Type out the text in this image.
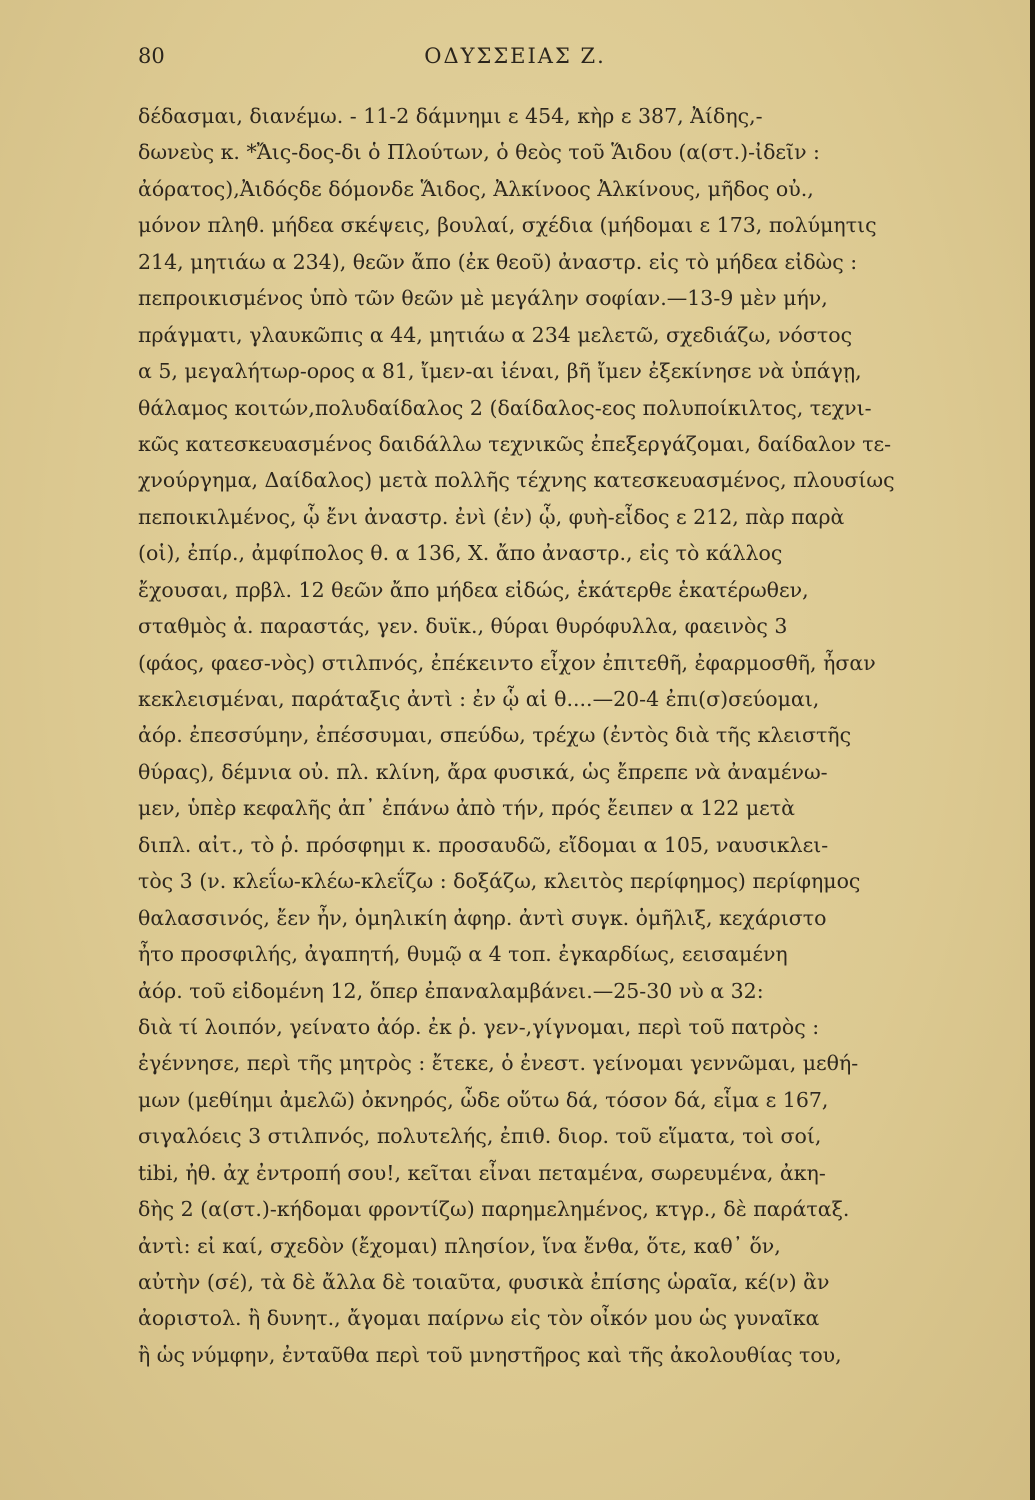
80	ΟΔΥΣΣΕΙΑΣ Ζ.
δέδασμαι, διανέμω. - 11-2 δάμνημι ε 454, κὴρ ε 387, Ἀίδης,-
δωνεὺς κ. *Ἄις-δος-δι ὁ Πλούτων, ὁ θεὸς τοῦ Ἅιδου (α(στ.)-ἰδεῖν :
ἀόρατος),Ἀιδόςδε δόμονδε Ἅιδος, Ἀλκίνοος Ἀλκίνους, μῆδος οὐ.,
μόνον πληθ. μήδεα σκέψεις, βουλαί, σχέδια (μήδομαι ε 173, πολύμητις
214, μητιάω α 234), θεῶν ἄπο (ἐκ θεοῦ) ἀναστρ. εἰς τὸ μήδεα εἰδὼς :
πεπροικισμένος ὑπὸ τῶν θεῶν μὲ μεγάλην σοφίαν.—13-9 μὲν μήν,
πράγματι, γλαυκῶπις α 44, μητιάω α 234 μελετῶ, σχεδιάζω, νόστος
α 5, μεγαλήτωρ-ορος α 81, ἴμεν-αι ἰέναι, βῆ ἴμεν ἐξεκίνησε νὰ ὑπάγῃ,
θάλαμος κοιτών,πολυδαίδαλος 2 (δαίδαλος-εος πολυποίκιλτος, τεχνι-
κῶς κατεσκευασμένος δαιδάλλω τεχνικῶς ἐπεξεργάζομαι, δαίδαλον τε-
χνούργημα, Δαίδαλος) μετὰ πολλῆς τέχνης κατεσκευασμένος, πλουσίως
πεποικιλμένος, ᾧ ἔνι ἀναστρ. ἐνὶ (ἐν) ᾧ, φυὴ-εἶδος ε 212, πὰρ παρὰ
(οἱ), ἐπίρ., ἀμφίπολος θ. α 136, Χ. ἄπο ἀναστρ., εἰς τὸ κάλλος
ἔχουσαι, πρβλ. 12 θεῶν ἄπο μήδεα εἰδώς, ἑκάτερθε ἑκατέρωθεν,
σταθμὸς ἀ. παραστάς, γεν. δυϊκ., θύραι θυρόφυλλα, φαεινὸς 3
(φάος, φαεσ-νὸς) στιλπνός, ἐπέκειντο εἶχον ἐπιτεθῆ, ἐφαρμοσθῆ, ἦσαν
κεκλεισμέναι, παράταξις ἀντὶ : ἐν ᾧ αἱ θ....—20-4 ἐπι(σ)σεύομαι,
ἀόρ. ἐπεσσύμην, ἐπέσσυμαι, σπεύδω, τρέχω (ἐντὸς διὰ τῆς κλειστῆς
θύρας), δέμνια οὐ. πλ. κλίνη, ἄρα φυσικά, ὡς ἔπρεπε νὰ ἀναμένω-
μεν, ὑπὲρ κεφαλῆς ἀπ᾽ ἐπάνω ἀπὸ τήν, πρός ἔειπεν α 122 μετὰ
διπλ. αἰτ., τὸ ῥ. πρόσφημι κ. προσαυδῶ, εἴδομαι α 105, ναυσικλει-
τὸς 3 (ν. κλεΐω-κλέω-κλεΐζω : δοξάζω, κλειτὸς περίφημος) περίφημος
θαλασσινός, ἔεν ἦν, ὁμηλικίη ἀφηρ. ἀντὶ συγκ. ὁμῆλιξ, κεχάριστο
ἦτο προσφιλής, ἀγαπητή, θυμῷ α 4 τοπ. ἐγκαρδίως, εεισαμένη
ἀόρ. τοῦ εἰδομένη 12, ὅπερ ἐπαναλαμβάνει.—25-30 νὺ α 32:
διὰ τί λοιπόν, γείνατο ἀόρ. ἐκ ῥ. γεν-,γίγνομαι, περὶ τοῦ πατρὸς :
ἐγέννησε, περὶ τῆς μητρὸς : ἔτεκε, ὁ ἐνεστ. γείνομαι γεννῶμαι, μεθή-
μων (μεθίημι ἀμελῶ) ὀκνηρός, ὧδε οὕτω δά, τόσον δά, εἷμα ε 167,
σιγαλόεις 3 στιλπνός, πολυτελής, ἐπιθ. διορ. τοῦ εἵματα, τοὶ σοί,
tibi, ἠθ. ἀχ ἐντροπή σου!, κεῖται εἶναι πεταμένα, σωρευμένα, ἀκη-
δὴς 2 (α(στ.)-κήδομαι φροντίζω) παρημελημένος, κτγρ., δὲ παράταξ.
ἀντὶ: εἰ καί, σχεδὸν (ἔχομαι) πλησίον, ἵνα ἔνθα, ὅτε, καθ᾽ ὅν,
αὐτὴν (σέ), τὰ δὲ ἄλλα δὲ τοιαῦτα, φυσικὰ ἐπίσης ὡραῖα, κέ(ν) ἂν
ἀοριστολ. ἢ δυνητ., ἄγομαι παίρνω εἰς τὸν οἶκόν μου ὡς γυναῖκα
ἢ ὡς νύμφην, ἐνταῦθα περὶ τοῦ μνηστῆρος καὶ τῆς ἀκολουθίας του,
